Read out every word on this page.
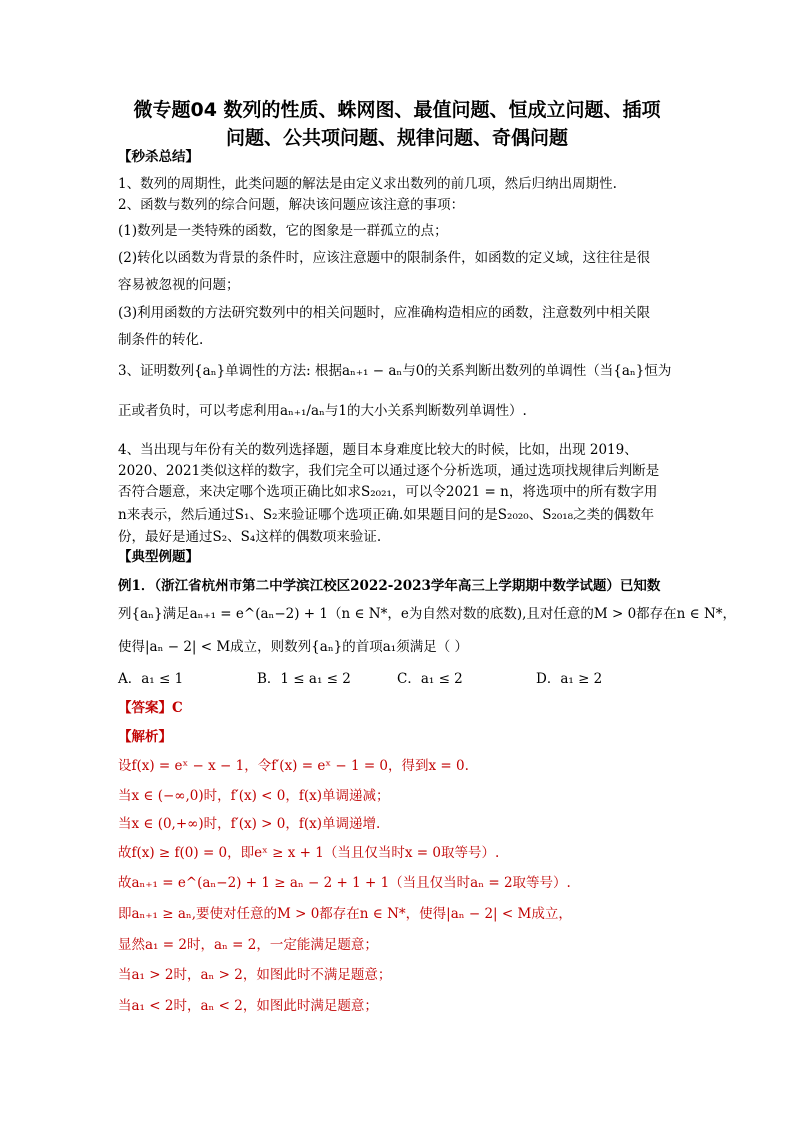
微专题04 数列的性质、蛛网图、最值问题、恒成立问题、插项
问题、公共项问题、规律问题、奇偶问题
【秒杀总结】
1、数列的周期性，此类问题的解法是由定义求出数列的前几项，然后归纳出周期性.
2、函数与数列的综合问题，解决该问题应该注意的事项：
(1)数列是一类特殊的函数，它的图象是一群孤立的点；
(2)转化以函数为背景的条件时，应该注意题中的限制条件，如函数的定义域，这往往是很
容易被忽视的问题；
(3)利用函数的方法研究数列中的相关问题时，应准确构造相应的函数，注意数列中相关限
制条件的转化.
3、证明数列{aₙ}单调性的方法: 根据aₙ₊₁ − aₙ与0的关系判断出数列的单调性（当{aₙ}恒为
正或者负时，可以考虑利用aₙ₊₁/aₙ与1的大小关系判断数列单调性）.
4、当出现与年份有关的数列选择题，题目本身难度比较大的时候，比如，出现 2019、
2020、2021类似这样的数字，我们完全可以通过逐个分析选项，通过选项找规律后判断是
否符合题意，来决定哪个选项正确比如求S₂₀₂₁，可以令2021 = n，将选项中的所有数字用
n来表示，然后通过S₁、S₂来验证哪个选项正确.如果题目问的是S₂₀₂₀、S₂₀₁₈之类的偶数年
份，最好是通过S₂、S₄这样的偶数项来验证.
【典型例题】
例1．（浙江省杭州市第二中学滨江校区2022-2023学年高三上学期期中数学试题）已知数
列{aₙ}满足aₙ₊₁ = e^(aₙ−2) + 1（n ∈ N*，e为自然对数的底数),且对任意的M > 0都存在n ∈ N*，
使得|aₙ − 2| < M成立，则数列{aₙ}的首项a₁须满足（ ）
A．a₁ ≤ 1	B．1 ≤ a₁ ≤ 2	C．a₁ ≤ 2	D．a₁ ≥ 2
【答案】C
【解析】
设f(x) = eˣ − x − 1，令f′(x) = eˣ − 1 = 0，得到x = 0.
当x ∈ (−∞,0)时，f′(x) < 0，f(x)单调递减；
当x ∈ (0,+∞)时，f′(x) > 0，f(x)单调递增.
故f(x) ≥ f(0) = 0，即eˣ ≥ x + 1（当且仅当时x = 0取等号）.
故aₙ₊₁ = e^(aₙ−2) + 1 ≥ aₙ − 2 + 1 + 1（当且仅当时aₙ = 2取等号）.
即aₙ₊₁ ≥ aₙ,要使对任意的M > 0都存在n ∈ N*，使得|aₙ − 2| < M成立，
显然a₁ = 2时，aₙ = 2，一定能满足题意；
当a₁ > 2时，aₙ > 2，如图此时不满足题意；
当a₁ < 2时，aₙ < 2，如图此时满足题意；
